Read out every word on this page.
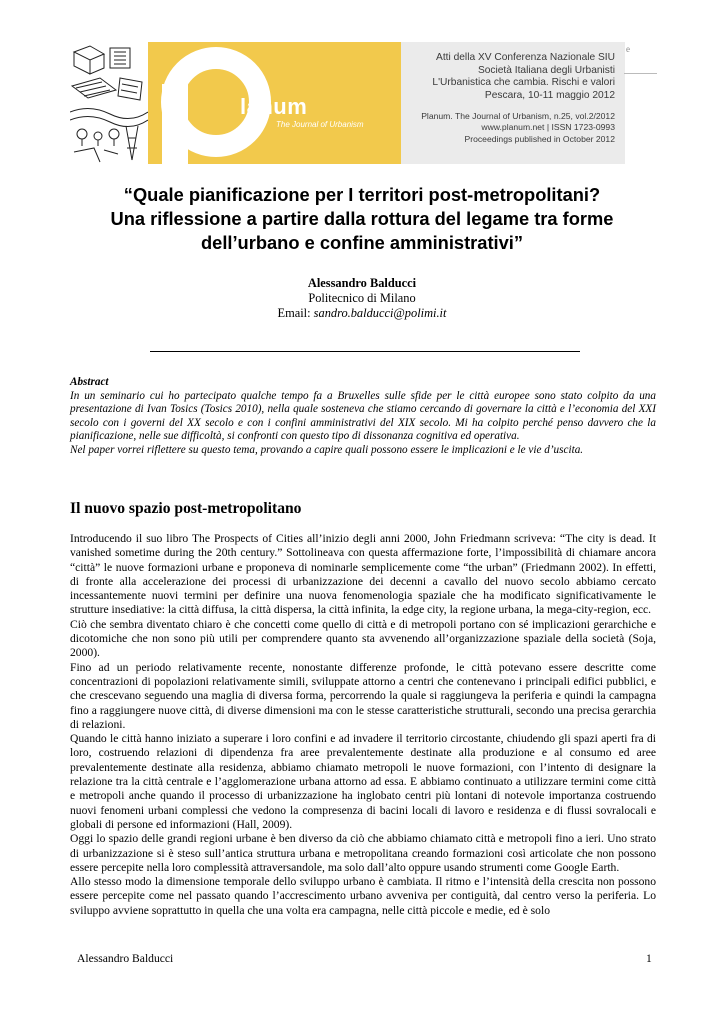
lanum
The Journal of Urbanism
Atti della XV Conferenza Nazionale SIU
Società Italiana degli Urbanisti
L'Urbanistica che cambia. Rischi e valori
Pescara, 10-11 maggio 2012
Planum. The Journal of Urbanism, n.25, vol.2/2012
www.planum.net | ISSN 1723-0993
Proceedings published in October 2012
e
“Quale pianificazione per I territori post-metropolitani?
Una riflessione a partire dalla rottura del legame tra forme
dell’urbano e confine amministrativi”
Alessandro Balducci
Politecnico di Milano
Email: sandro.balducci@polimi.it
Abstract

In un seminario cui ho partecipato qualche tempo fa a Bruxelles sulle sfide per le città europee sono stato colpito da una presentazione di Ivan Tosics (Tosics 2010), nella quale sosteneva che stiamo cercando di governare la città e l’economia del XXI secolo con i governi del XX secolo e con i confini amministrativi del XIX secolo. Mi ha colpito perché penso davvero che la pianificazione, nelle sue difficoltà, si confronti con questo tipo di dissonanza cognitiva ed operativa.

Nel paper vorrei riflettere su questo tema, provando a capire quali possono essere le implicazioni e le vie d’uscita.

Il nuovo spazio post-metropolitano

Introducendo il suo libro The Prospects of Cities all’inizio degli anni 2000, John Friedmann scriveva: “The city is dead. It vanished sometime during the 20th century.” Sottolineava con questa affermazione forte, l’impossibilità di chiamare ancora “città” le nuove formazioni urbane e proponeva di nominarle semplicemente come “the urban” (Friedmann 2002). In effetti, di fronte alla accelerazione dei processi di urbanizzazione dei decenni a cavallo del nuovo secolo abbiamo cercato incessantemente nuovi termini per definire una nuova fenomenologia spaziale che ha modificato significativamente le strutture insediative: la città diffusa, la città dispersa, la città infinita, la edge city, la regione urbana, la mega-city-region, ecc.

Ciò che sembra diventato chiaro è che concetti come quello di città e di metropoli portano con sé implicazioni gerarchiche e dicotomiche che non sono più utili per comprendere quanto sta avvenendo all’organizzazione spaziale della società (Soja, 2000).

Fino ad un periodo relativamente recente, nonostante differenze profonde, le città potevano essere descritte come concentrazioni di popolazioni relativamente simili, sviluppate attorno a centri che contenevano i principali edifici pubblici, e che crescevano seguendo una maglia di diversa forma, percorrendo la quale si raggiungeva la periferia e quindi la campagna fino a raggiungere nuove città, di diverse dimensioni ma con le stesse caratteristiche strutturali, secondo una precisa gerarchia di relazioni.

Quando le città hanno iniziato a superare i loro confini e ad invadere il territorio circostante, chiudendo gli spazi aperti fra di loro, costruendo relazioni di dipendenza fra aree prevalentemente destinate alla produzione e al consumo ed aree prevalentemente destinate alla residenza, abbiamo chiamato metropoli le nuove formazioni, con l’intento di designare la relazione tra la città centrale e l’agglomerazione urbana attorno ad essa. E abbiamo continuato a utilizzare termini come città e metropoli anche quando il processo di urbanizzazione ha inglobato centri più lontani di notevole importanza costruendo nuovi fenomeni urbani complessi che vedono la compresenza di bacini locali di lavoro e residenza e di flussi sovralocali e globali di persone ed informazioni (Hall, 2009).

Oggi lo spazio delle grandi regioni urbane è ben diverso da ciò che abbiamo chiamato città e metropoli fino a ieri. Uno strato di urbanizzazione si è steso sull’antica struttura urbana e metropolitana creando formazioni così articolate che non possono essere percepite nella loro complessità attraversandole, ma solo dall’alto oppure usando strumenti come Google Earth.

Allo stesso modo la dimensione temporale dello sviluppo urbano è cambiata. Il ritmo e l’intensità della crescita non possono essere percepite come nel passato quando l’accrescimento urbano avveniva per contiguità, dal centro verso la periferia. Lo sviluppo avviene soprattutto in quella che una volta era campagna, nelle città piccole e medie, ed è solo

Alessandro Balducci	1
